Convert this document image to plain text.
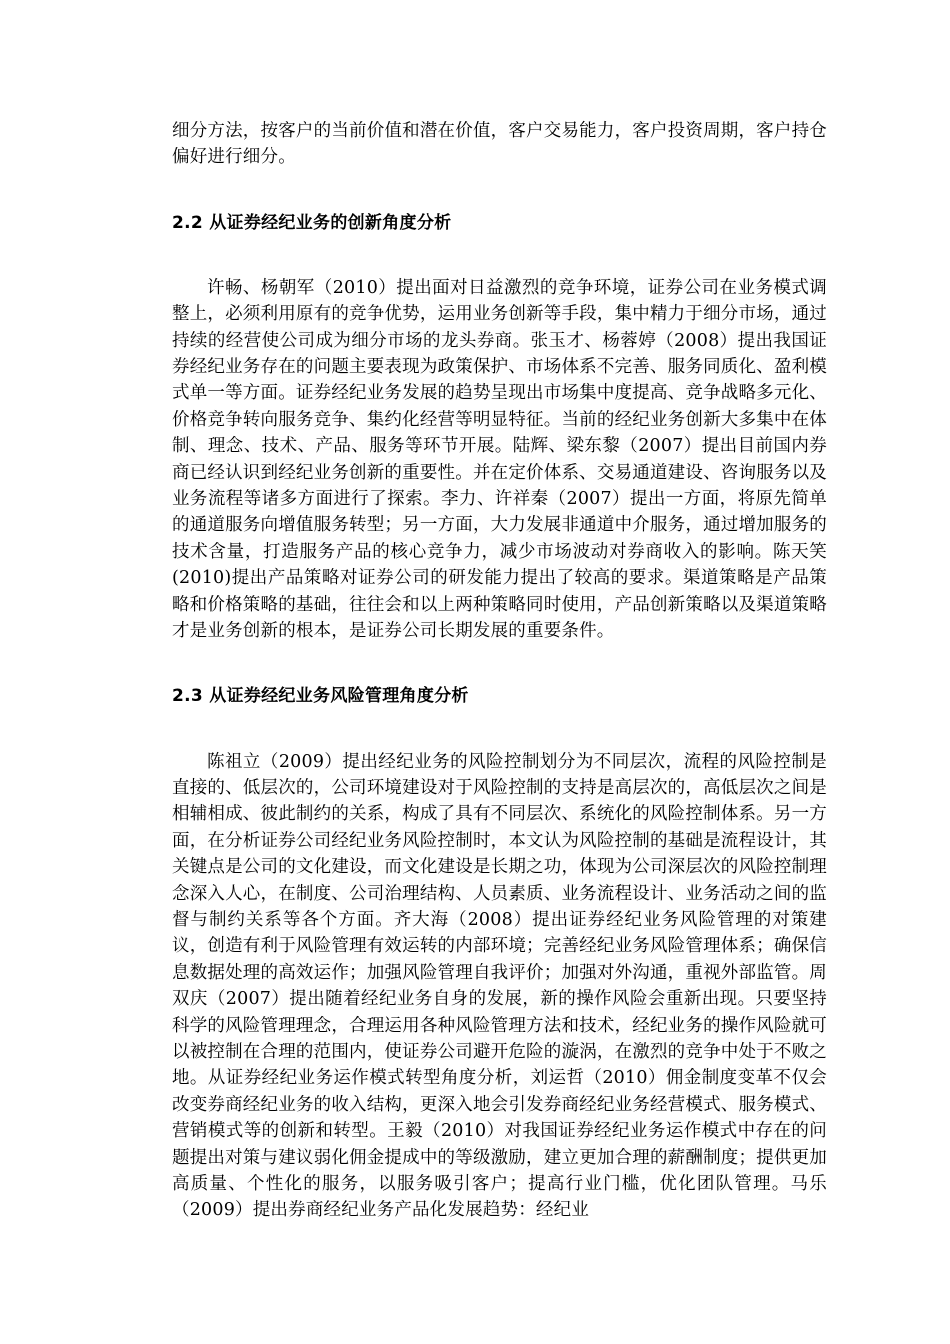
细分方法，按客户的当前价值和潜在价值，客户交易能力，客户投资周期，客户持仓偏好进行细分。

2.2 从证券经纪业务的创新角度分析

许畅、杨朝军（2010）提出面对日益激烈的竞争环境，证券公司在业务模式调整上，必须利用原有的竞争优势，运用业务创新等手段，集中精力于细分市场，通过持续的经营使公司成为细分市场的龙头券商。张玉才、杨蓉婷（2008）提出我国证券经纪业务存在的问题主要表现为政策保护、市场体系不完善、服务同质化、盈利模式单一等方面。证券经纪业务发展的趋势呈现出市场集中度提高、竞争战略多元化、价格竞争转向服务竞争、集约化经营等明显特征。当前的经纪业务创新大多集中在体制、理念、技术、产品、服务等环节开展。陆辉、梁东黎（2007）提出目前国内券商已经认识到经纪业务创新的重要性。并在定价体系、交易通道建设、咨询服务以及业务流程等诸多方面进行了探索。李力、许祥秦（2007）提出一方面，将原先简单的通道服务向增值服务转型；另一方面，大力发展非通道中介服务，通过增加服务的技术含量，打造服务产品的核心竞争力，减少市场波动对券商收入的影响。陈天笑(2010)提出产品策略对证券公司的研发能力提出了较高的要求。渠道策略是产品策略和价格策略的基础，往往会和以上两种策略同时使用，产品创新策略以及渠道策略才是业务创新的根本，是证券公司长期发展的重要条件。

2.3 从证券经纪业务风险管理角度分析

陈祖立（2009）提出经纪业务的风险控制划分为不同层次，流程的风险控制是直接的、低层次的，公司环境建设对于风险控制的支持是高层次的，高低层次之间是相辅相成、彼此制约的关系，构成了具有不同层次、系统化的风险控制体系。另一方面，在分析证券公司经纪业务风险控制时，本文认为风险控制的基础是流程设计，其关键点是公司的文化建设，而文化建设是长期之功，体现为公司深层次的风险控制理念深入人心，在制度、公司治理结构、人员素质、业务流程设计、业务活动之间的监督与制约关系等各个方面。齐大海（2008）提出证券经纪业务风险管理的对策建议，创造有利于风险管理有效运转的内部环境；完善经纪业务风险管理体系；确保信息数据处理的高效运作；加强风险管理自我评价；加强对外沟通，重视外部监管。周双庆（2007）提出随着经纪业务自身的发展，新的操作风险会重新出现。只要坚持科学的风险管理理念，合理运用各种风险管理方法和技术，经纪业务的操作风险就可以被控制在合理的范围内，使证券公司避开危险的漩涡，在激烈的竞争中处于不败之地。从证券经纪业务运作模式转型角度分析，刘运哲（2010）佣金制度变革不仅会改变券商经纪业务的收入结构，更深入地会引发券商经纪业务经营模式、服务模式、营销模式等的创新和转型。王毅（2010）对我国证券经纪业务运作模式中存在的问题提出对策与建议弱化佣金提成中的等级激励，建立更加合理的薪酬制度；提供更加高质量、个性化的服务，以服务吸引客户；提高行业门槛，优化团队管理。马乐（2009）提出券商经纪业务产品化发展趋势：经纪业
